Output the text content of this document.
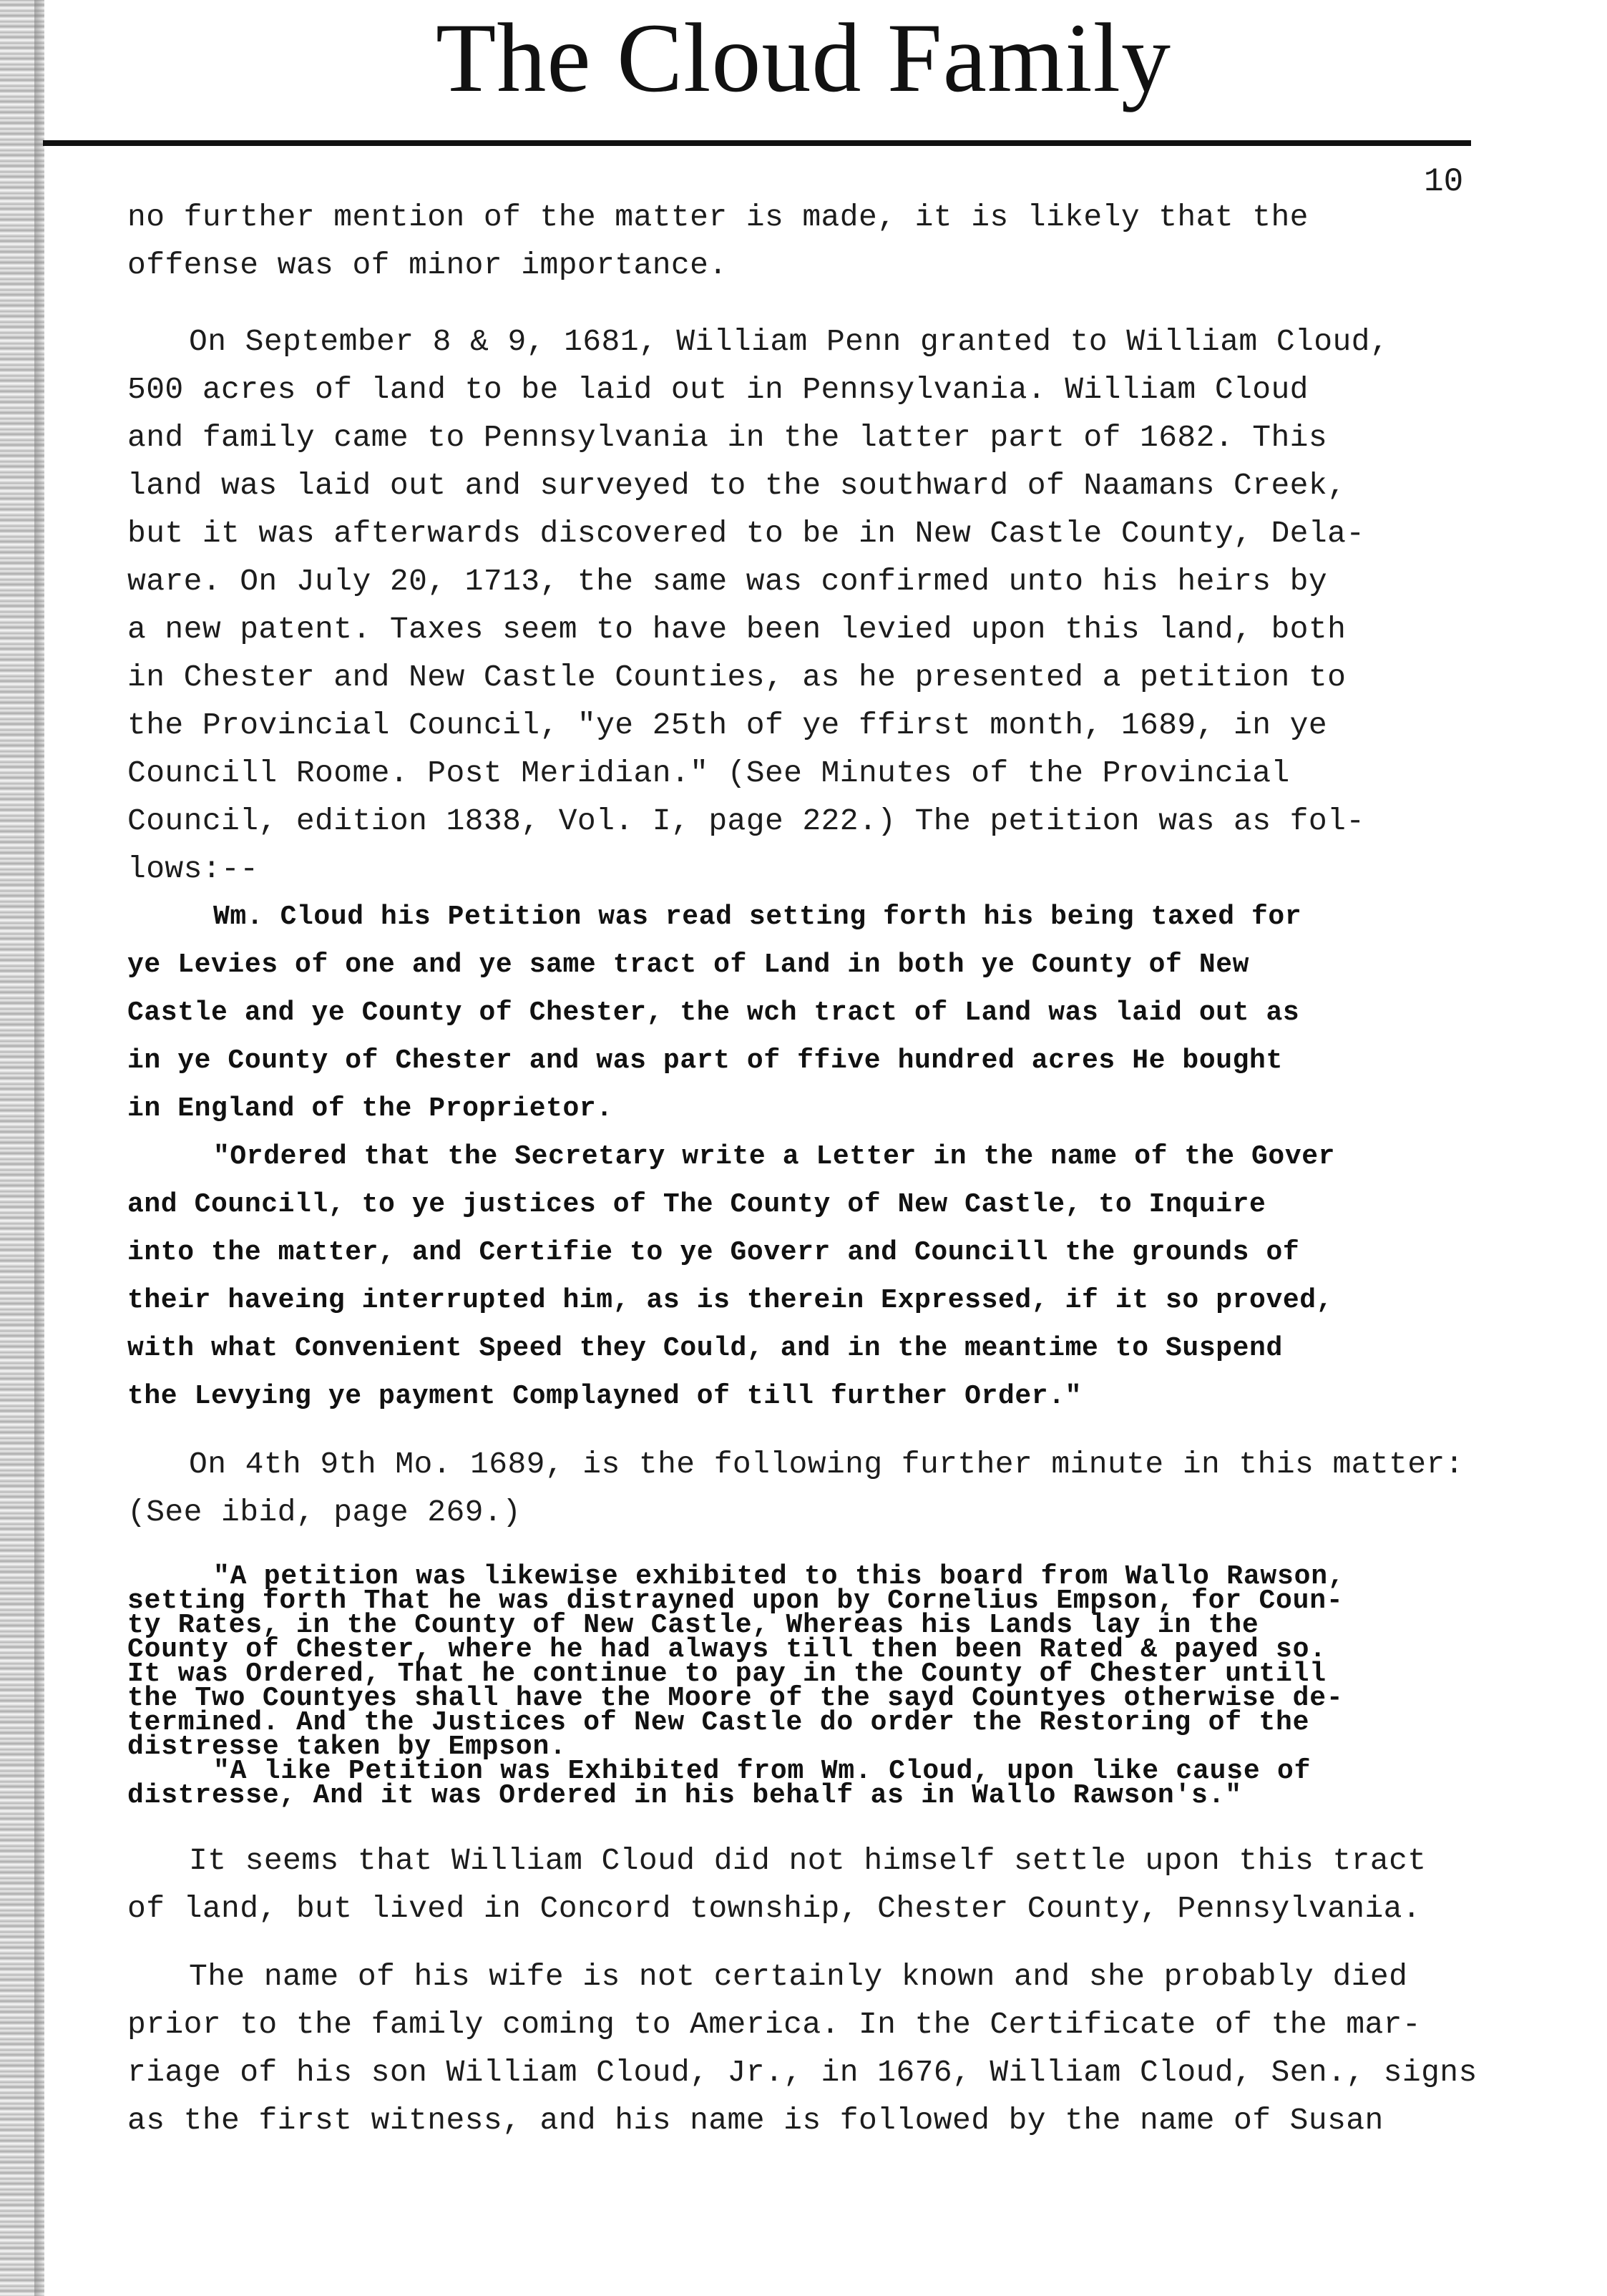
The Cloud Family
10

no further mention of the matter is made, it is likely that the
offense was of minor importance.

On September 8 & 9, 1681, William Penn granted to William Cloud,
500 acres of land to be laid out in Pennsylvania. William Cloud
and family came to Pennsylvania in the latter part of 1682. This
land was laid out and surveyed to the southward of Naamans Creek,
but it was afterwards discovered to be in New Castle County, Dela-
ware. On July 20, 1713, the same was confirmed unto his heirs by
a new patent. Taxes seem to have been levied upon this land, both
in Chester and New Castle Counties, as he presented a petition to
the Provincial Council, "ye 25th of ye ffirst month, 1689, in ye
Councill Roome. Post Meridian." (See Minutes of the Provincial
Council, edition 1838, Vol. I, page 222.) The petition was as fol-
lows:--

Wm. Cloud his Petition was read setting forth his being taxed for
ye Levies of one and ye same tract of Land in both ye County of New
Castle and ye County of Chester, the wch tract of Land was laid out as
in ye County of Chester and was part of ffive hundred acres He bought
in England of the Proprietor.

"Ordered that the Secretary write a Letter in the name of the Gover
and Councill, to ye justices of The County of New Castle, to Inquire
into the matter, and Certifie to ye Goverr and Councill the grounds of
their haveing interrupted him, as is therein Expressed, if it so proved,
with what Convenient Speed they Could, and in the meantime to Suspend
the Levying ye payment Complayned of till further Order."

On 4th 9th Mo. 1689, is the following further minute in this matter:
(See ibid, page 269.)

"A petition was likewise exhibited to this board from Wallo Rawson,
setting forth That he was distrayned upon by Cornelius Empson, for Coun-
ty Rates, in the County of New Castle, Whereas his Lands lay in the
County of Chester, where he had always till then been Rated & payed so.
It was Ordered, That he continue to pay in the County of Chester untill
the Two Countyes shall have the Moore of the sayd Countyes otherwise de-
termined. And the Justices of New Castle do order the Restoring of the
distresse taken by Empson.
"A like Petition was Exhibited from Wm. Cloud, upon like cause of
distresse, And it was Ordered in his behalf as in Wallo Rawson's."

It seems that William Cloud did not himself settle upon this tract
of land, but lived in Concord township, Chester County, Pennsylvania.

The name of his wife is not certainly known and she probably died
prior to the family coming to America. In the Certificate of the mar-
riage of his son William Cloud, Jr., in 1676, William Cloud, Sen., signs
as the first witness, and his name is followed by the name of Susan
